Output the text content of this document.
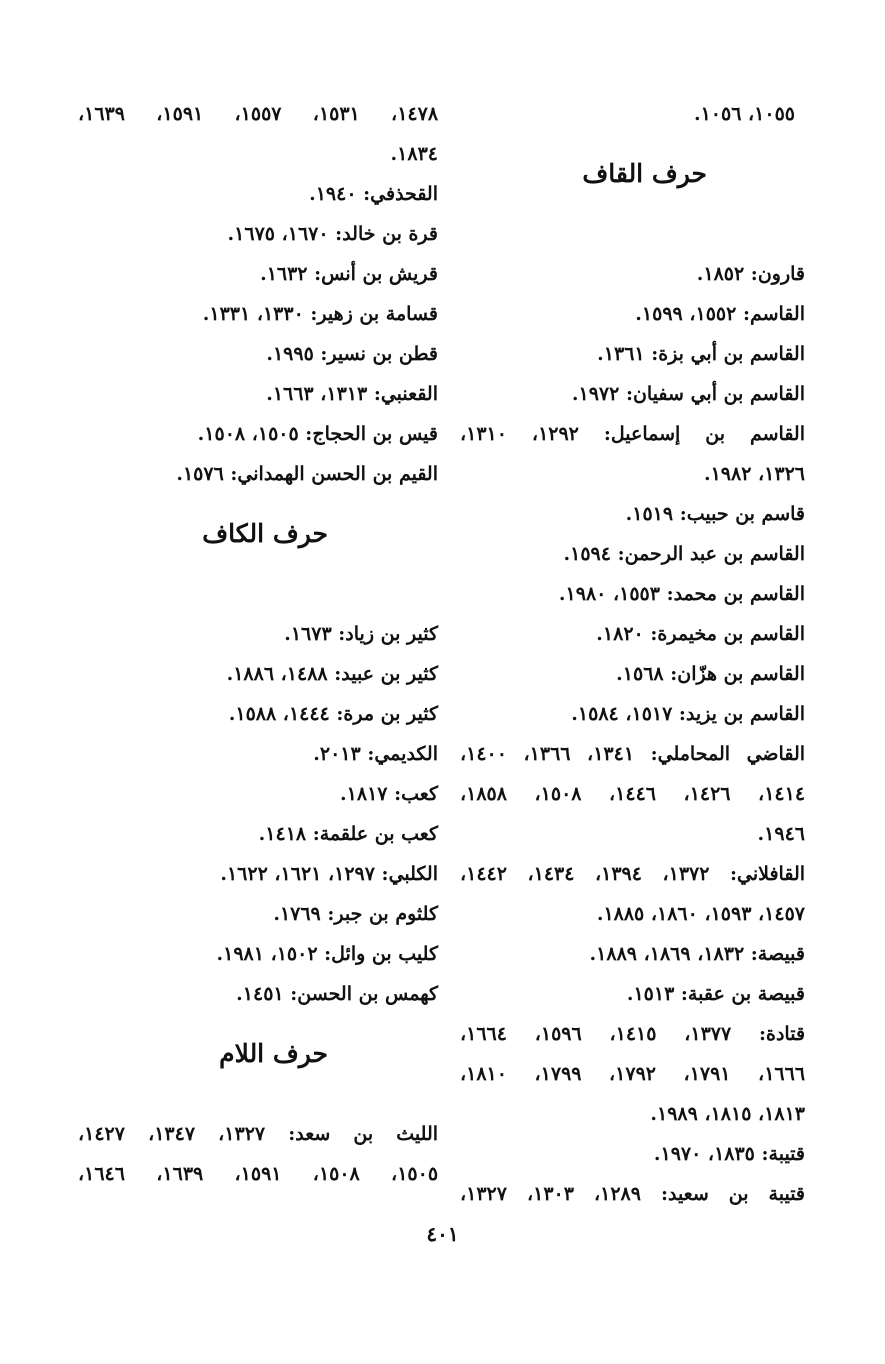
١٠٥٥، ١٠٥٦.
حرف القاف
قارون: ١٨٥٢.
القاسم: ١٥٥٢، ١٥٩٩.
القاسم بن أبي بزة: ١٣٦١.
القاسم بن أبي سفيان: ١٩٧٢.
القاسم بن إسماعيل: ١٢٩٢، ١٣١٠،
١٣٢٦، ١٩٨٢.
قاسم بن حبيب: ١٥١٩.
القاسم بن عبد الرحمن: ١٥٩٤.
القاسم بن محمد: ١٥٥٣، ١٩٨٠.
القاسم بن مخيمرة: ١٨٢٠.
القاسم بن هزّان: ١٥٦٨.
القاسم بن يزيد: ١٥١٧، ١٥٨٤.
القاضي المحاملي: ١٣٤١، ١٣٦٦، ١٤٠٠،
١٤١٤، ١٤٢٦، ١٤٤٦، ١٥٠٨، ١٨٥٨،
١٩٤٦.
القافلاني: ١٣٧٢، ١٣٩٤، ١٤٣٤، ١٤٤٢،
١٤٥٧، ١٥٩٣، ١٨٦٠، ١٨٨٥.
قبيصة: ١٨٣٢، ١٨٦٩، ١٨٨٩.
قبيصة بن عقبة: ١٥١٣.
قتادة: ١٣٧٧، ١٤١٥، ١٥٩٦، ١٦٦٤،
١٦٦٦، ١٧٩١، ١٧٩٢، ١٧٩٩، ١٨١٠،
١٨١٣، ١٨١٥، ١٩٨٩.
قتيبة: ١٨٣٥، ١٩٧٠.
قتيبة بن سعيد: ١٢٨٩، ١٣٠٣، ١٣٢٧،
١٤٧٨، ١٥٣١، ١٥٥٧، ١٥٩١، ١٦٣٩،
١٨٣٤.
القحذفي: ١٩٤٠.
قرة بن خالد: ١٦٧٠، ١٦٧٥.
قريش بن أنس: ١٦٣٢.
قسامة بن زهير: ١٣٣٠، ١٣٣١.
قطن بن نسير: ١٩٩٥.
القعنبي: ١٣١٣، ١٦٦٣.
قيس بن الحجاج: ١٥٠٥، ١٥٠٨.
القيم بن الحسن الهمداني: ١٥٧٦.
حرف الكاف
كثير بن زياد: ١٦٧٣.
كثير بن عبيد: ١٤٨٨، ١٨٨٦.
كثير بن مرة: ١٤٤٤، ١٥٨٨.
الكديمي: ٢٠١٣.
كعب: ١٨١٧.
كعب بن علقمة: ١٤١٨.
الكلبي: ١٢٩٧، ١٦٢١، ١٦٢٢.
كلثوم بن جبر: ١٧٦٩.
كليب بن وائل: ١٥٠٢، ١٩٨١.
كهمس بن الحسن: ١٤٥١.
حرف اللام
الليث بن سعد: ١٣٢٧، ١٣٤٧، ١٤٢٧،
١٥٠٥، ١٥٠٨، ١٥٩١، ١٦٣٩، ١٦٤٦،
٤٠١
